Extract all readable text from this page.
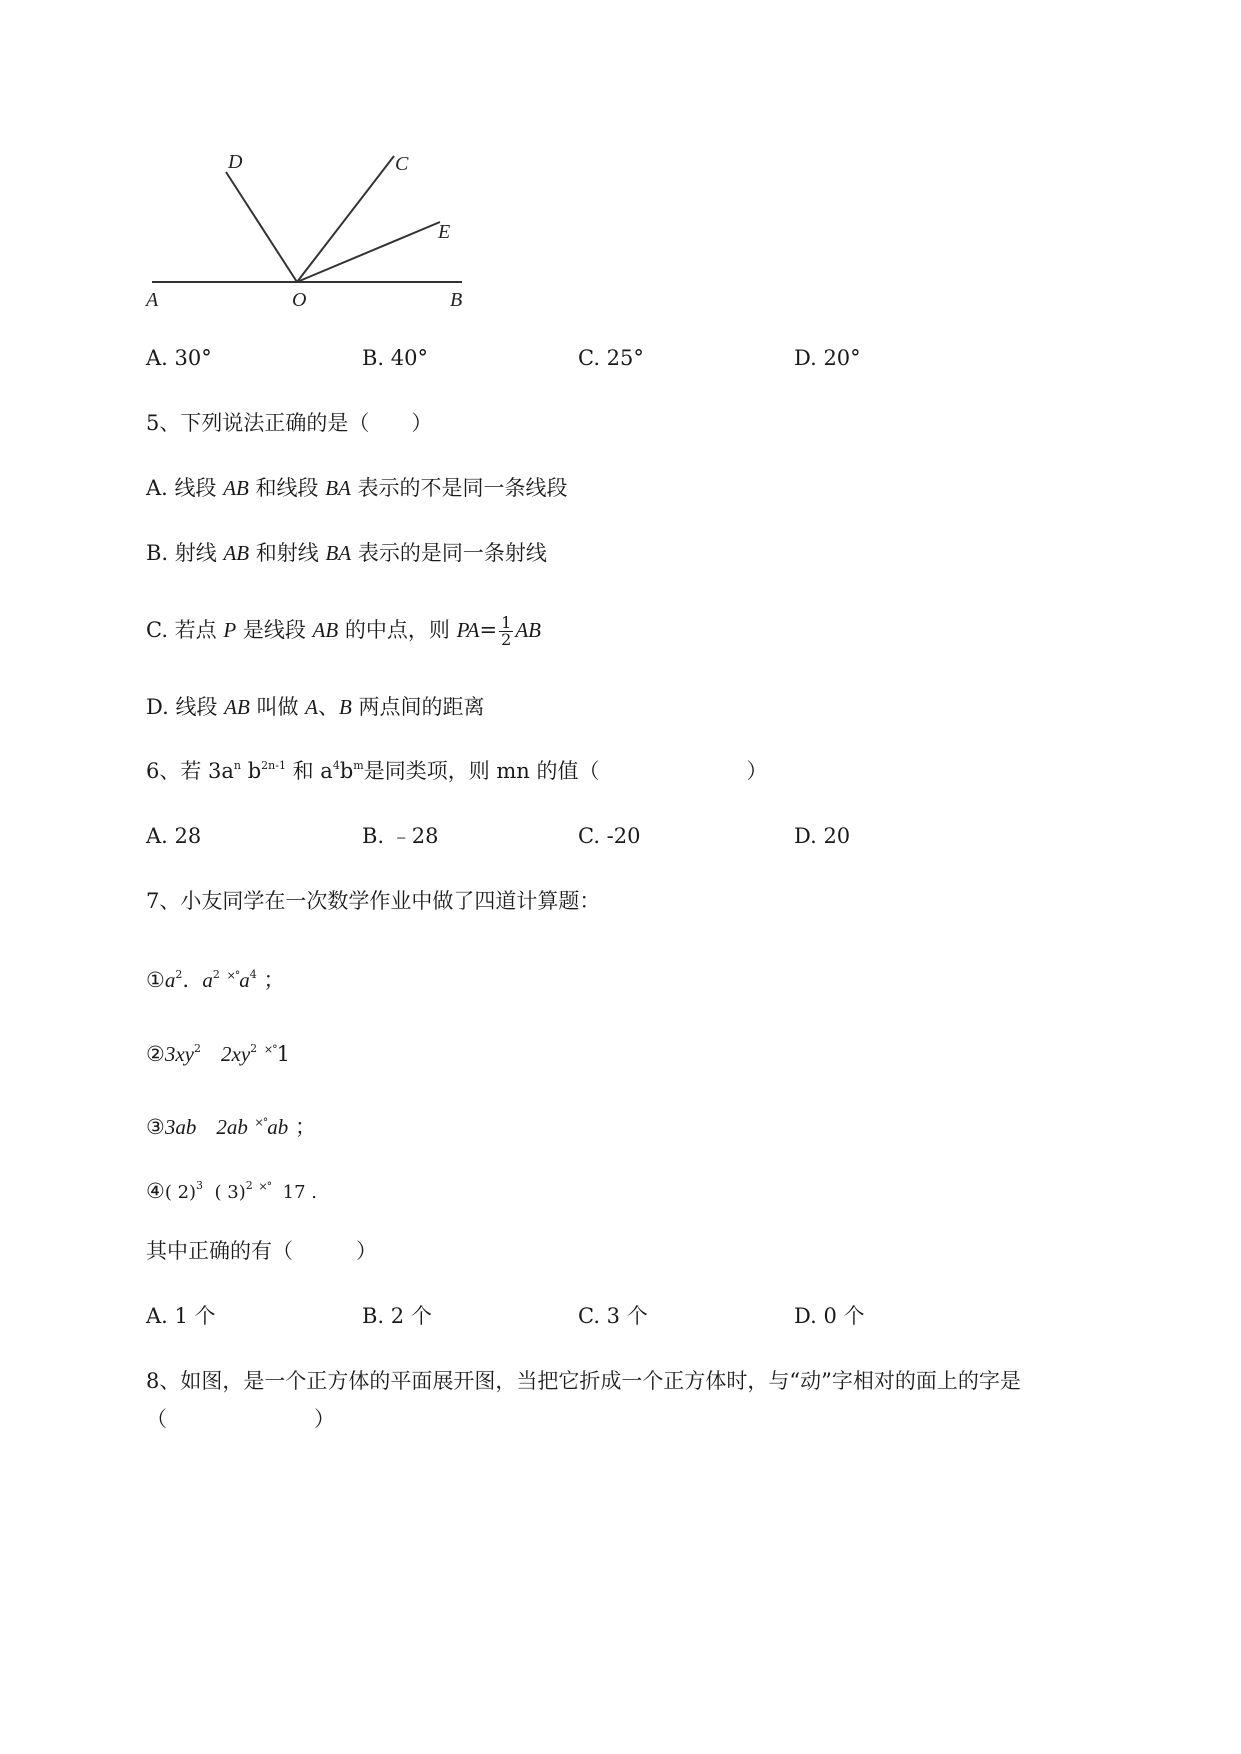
D	C
E
A	O	B
A. 30°	B. 40°	C. 25°	D. 20°
5、下列说法正确的是（　　）
A. 线段 AB 和线段 BA 表示的不是同一条线段
B. 射线 AB 和射线 BA 表示的是同一条射线
C. 若点 P 是线段 AB 的中点，则 $PA= \frac{1}{2}$ AB
D. 线段 AB 叫做 A、B 两点间的距离
6、若 $3a^n$ $b^{2n-1}$ 和 $a^4b^m$是同类项，则 mn 的值（　　　　　　　）
A. 28	B. ﹣28	C. -20	D. 20
7、小友同学在一次数学作业中做了四道计算题：
$①a^2$. $a^2$ $^{\times^\circ}a^4$ ；
$②3xy^2$ $2xy^2$ ×°1
③3ab 2ab ×°ab ；
④( 2)$^3$ ( 3)$^2$ ×° 17 .
其中正确的有（　　　）
A. 1 个	B. 2 个	C. 3 个	D. 0 个
8、如图，是一个正方体的平面展开图，当把它折成一个正方体时，与“动”字相对的面上的字是
（　　　　　　　）
